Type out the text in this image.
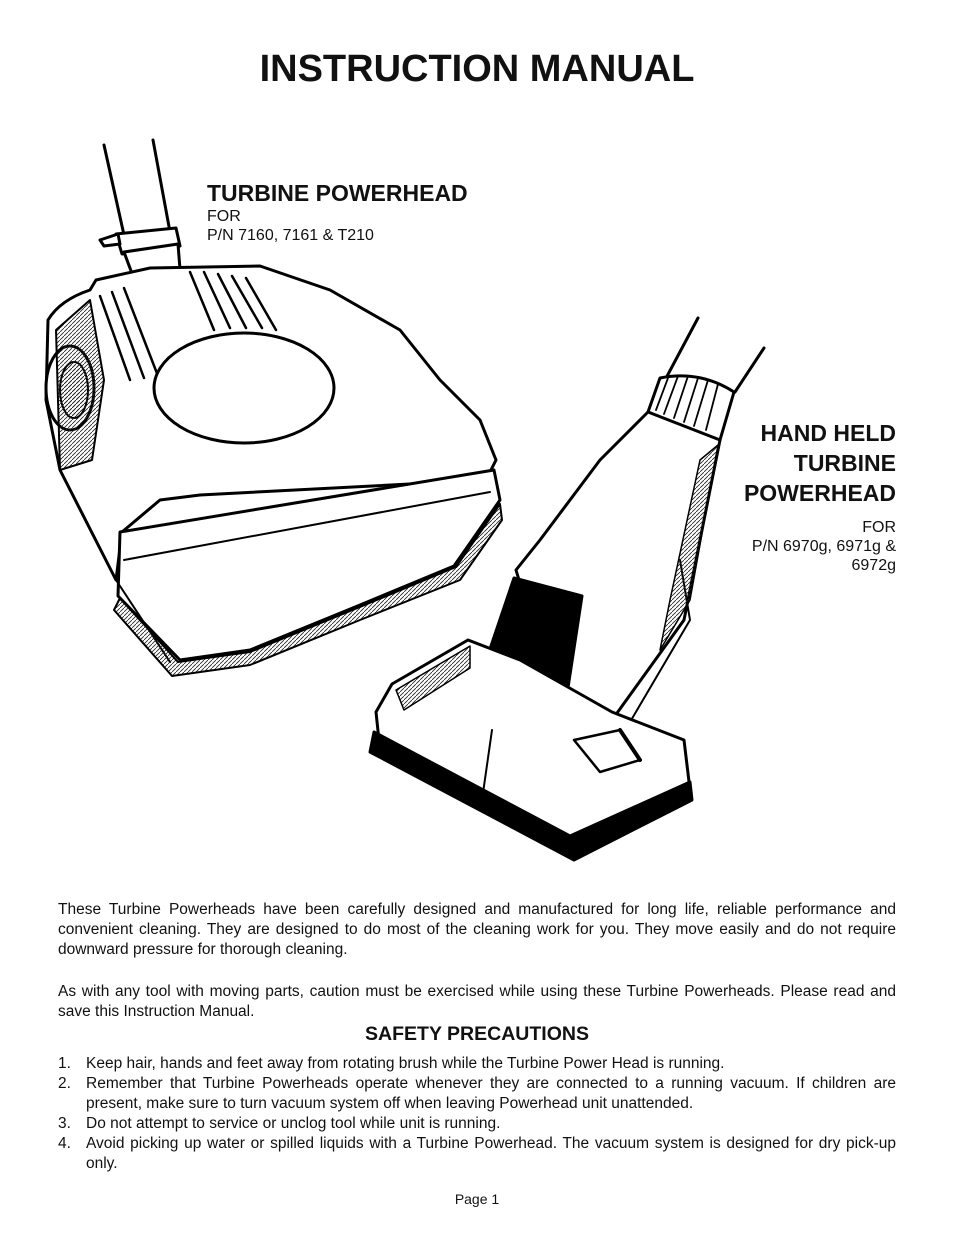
INSTRUCTION MANUAL
TURBINE POWERHEAD
FOR
P/N 7160, 7161 & T210
HAND HELD TURBINE POWERHEAD
FOR
P/N 6970g, 6971g & 6972g

These Turbine Powerheads have been carefully designed and manufactured for long life, reliable performance and convenient cleaning. They are designed to do most of the cleaning work for you. They move easily and do not require downward pressure for thorough cleaning.

As with any tool with moving parts, caution must be exercised while using these Turbine Powerheads. Please read and save this Instruction Manual.

SAFETY PRECAUTIONS
1. Keep hair, hands and feet away from rotating brush while the Turbine Power Head is running.
2. Remember that Turbine Powerheads operate whenever they are connected to a running vacuum. If children are present, make sure to turn vacuum system off when leaving Powerhead unit unattended.
3. Do not attempt to service or unclog tool while unit is running.
4. Avoid picking up water or spilled liquids with a Turbine Powerhead. The vacuum system is designed for dry pick-up only.
Page 1
